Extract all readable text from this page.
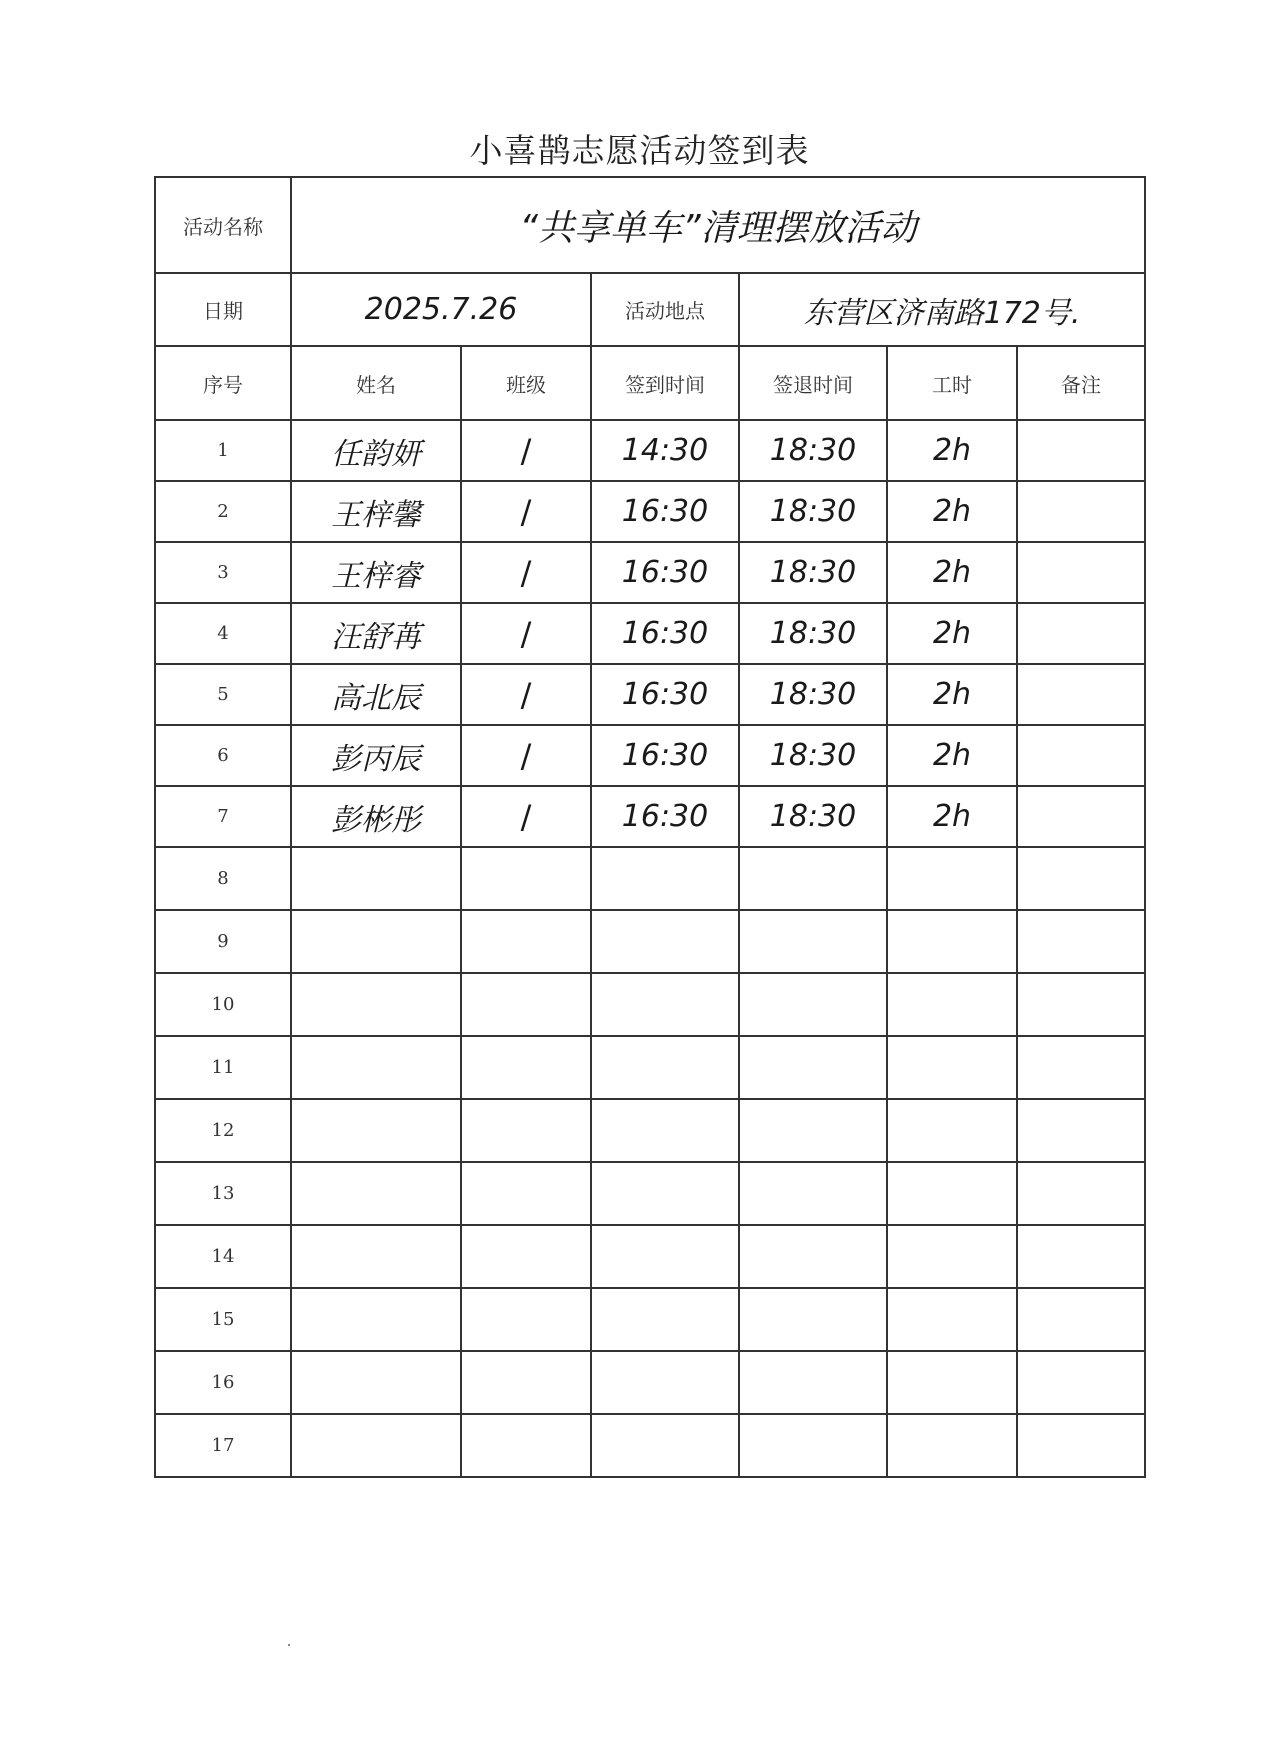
小喜鹊志愿活动签到表
活动名称	“共享单车”清理摆放活动					
日期	2025.7.26		活动地点	东营区济南路172号.		
序号	姓名	班级	签到时间	签退时间	工时	备注
1	任韵妍	/	14:30	18:30	2h	
2	王梓馨	/	16:30	18:30	2h	
3	王梓睿	/	16:30	18:30	2h	
4	汪舒苒	/	16:30	18:30	2h	
5	高北辰	/	16:30	18:30	2h	
6	彭丙辰	/	16:30	18:30	2h	
7	彭彬彤	/	16:30	18:30	2h	
8						
9						
10						
11						
12						
13						
14						
15						
16						
17						
